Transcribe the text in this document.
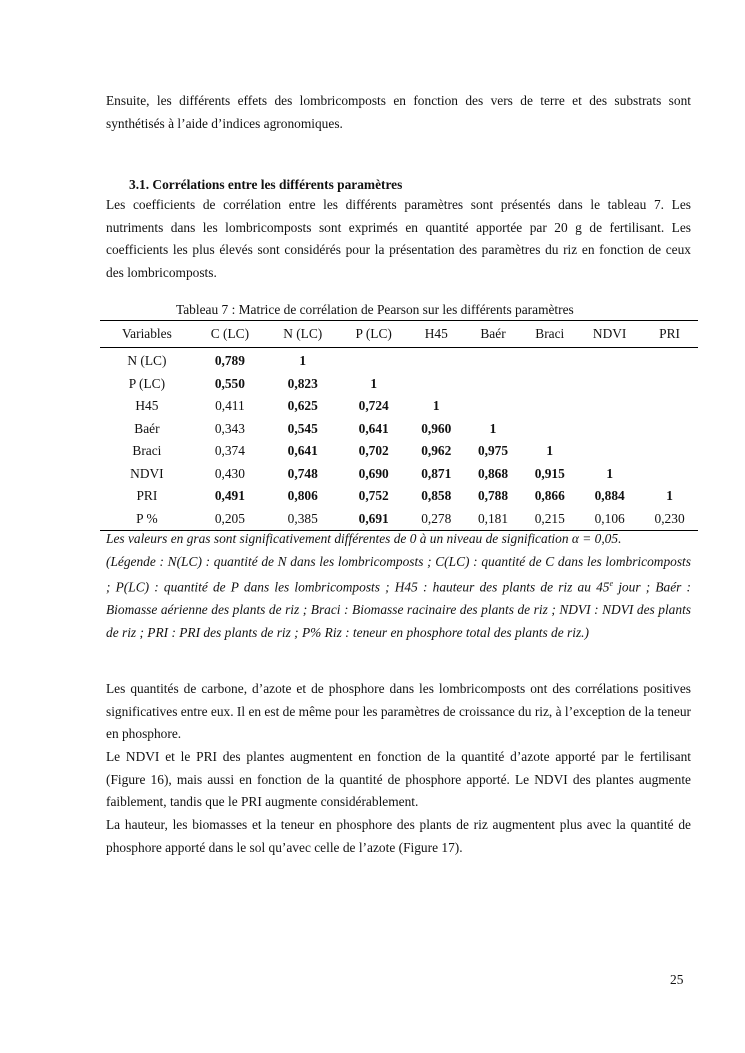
Ensuite, les différents effets des lombricomposts en fonction des vers de terre et des substrats sont synthétisés à l’aide d’indices agronomiques.

3.1. Corrélations entre les différents paramètres

Les coefficients de corrélation entre les différents paramètres sont présentés dans le tableau 7. Les nutriments dans les lombricomposts sont exprimés en quantité apportée par 20 g de fertilisant. Les coefficients les plus élevés sont considérés pour la présentation des paramètres du riz en fonction de ceux des lombricomposts.

Tableau 7 : Matrice de corrélation de Pearson sur les différents paramètres

Variables	C (LC)	N (LC)	P (LC)	H45	Baér	Braci	NDVI	PRI
N (LC)	0,789	1						
P (LC)	0,550	0,823	1					
H45	0,411	0,625	0,724	1				
Baér	0,343	0,545	0,641	0,960	1			
Braci	0,374	0,641	0,702	0,962	0,975	1		
NDVI	0,430	0,748	0,690	0,871	0,868	0,915	1	
PRI	0,491	0,806	0,752	0,858	0,788	0,866	0,884	1
P %	0,205	0,385	0,691	0,278	0,181	0,215	0,106	0,230

Les valeurs en gras sont significativement différentes de 0 à un niveau de signification α = 0,05.

(Légende : N(LC) : quantité de N dans les lombricomposts ; C(LC) : quantité de C dans les lombricomposts ; P(LC) : quantité de P dans les lombricomposts ; H45 : hauteur des plants de riz au 45e jour ; Baér : Biomasse aérienne des plants de riz ; Braci : Biomasse racinaire des plants de riz ; NDVI : NDVI des plants de riz ; PRI : PRI des plants de riz ; P% Riz : teneur en phosphore total des plants de riz.)

Les quantités de carbone, d’azote et de phosphore dans les lombricomposts ont des corrélations positives significatives entre eux. Il en est de même pour les paramètres de croissance du riz, à l’exception de la teneur en phosphore.

Le NDVI et le PRI des plantes augmentent en fonction de la quantité d’azote apporté par le fertilisant (Figure 16), mais aussi en fonction de la quantité de phosphore apporté. Le NDVI des plantes augmente faiblement, tandis que le PRI augmente considérablement.

La hauteur, les biomasses et la teneur en phosphore des plants de riz augmentent plus avec la quantité de phosphore apporté dans le sol qu’avec celle de l’azote (Figure 17).

25
